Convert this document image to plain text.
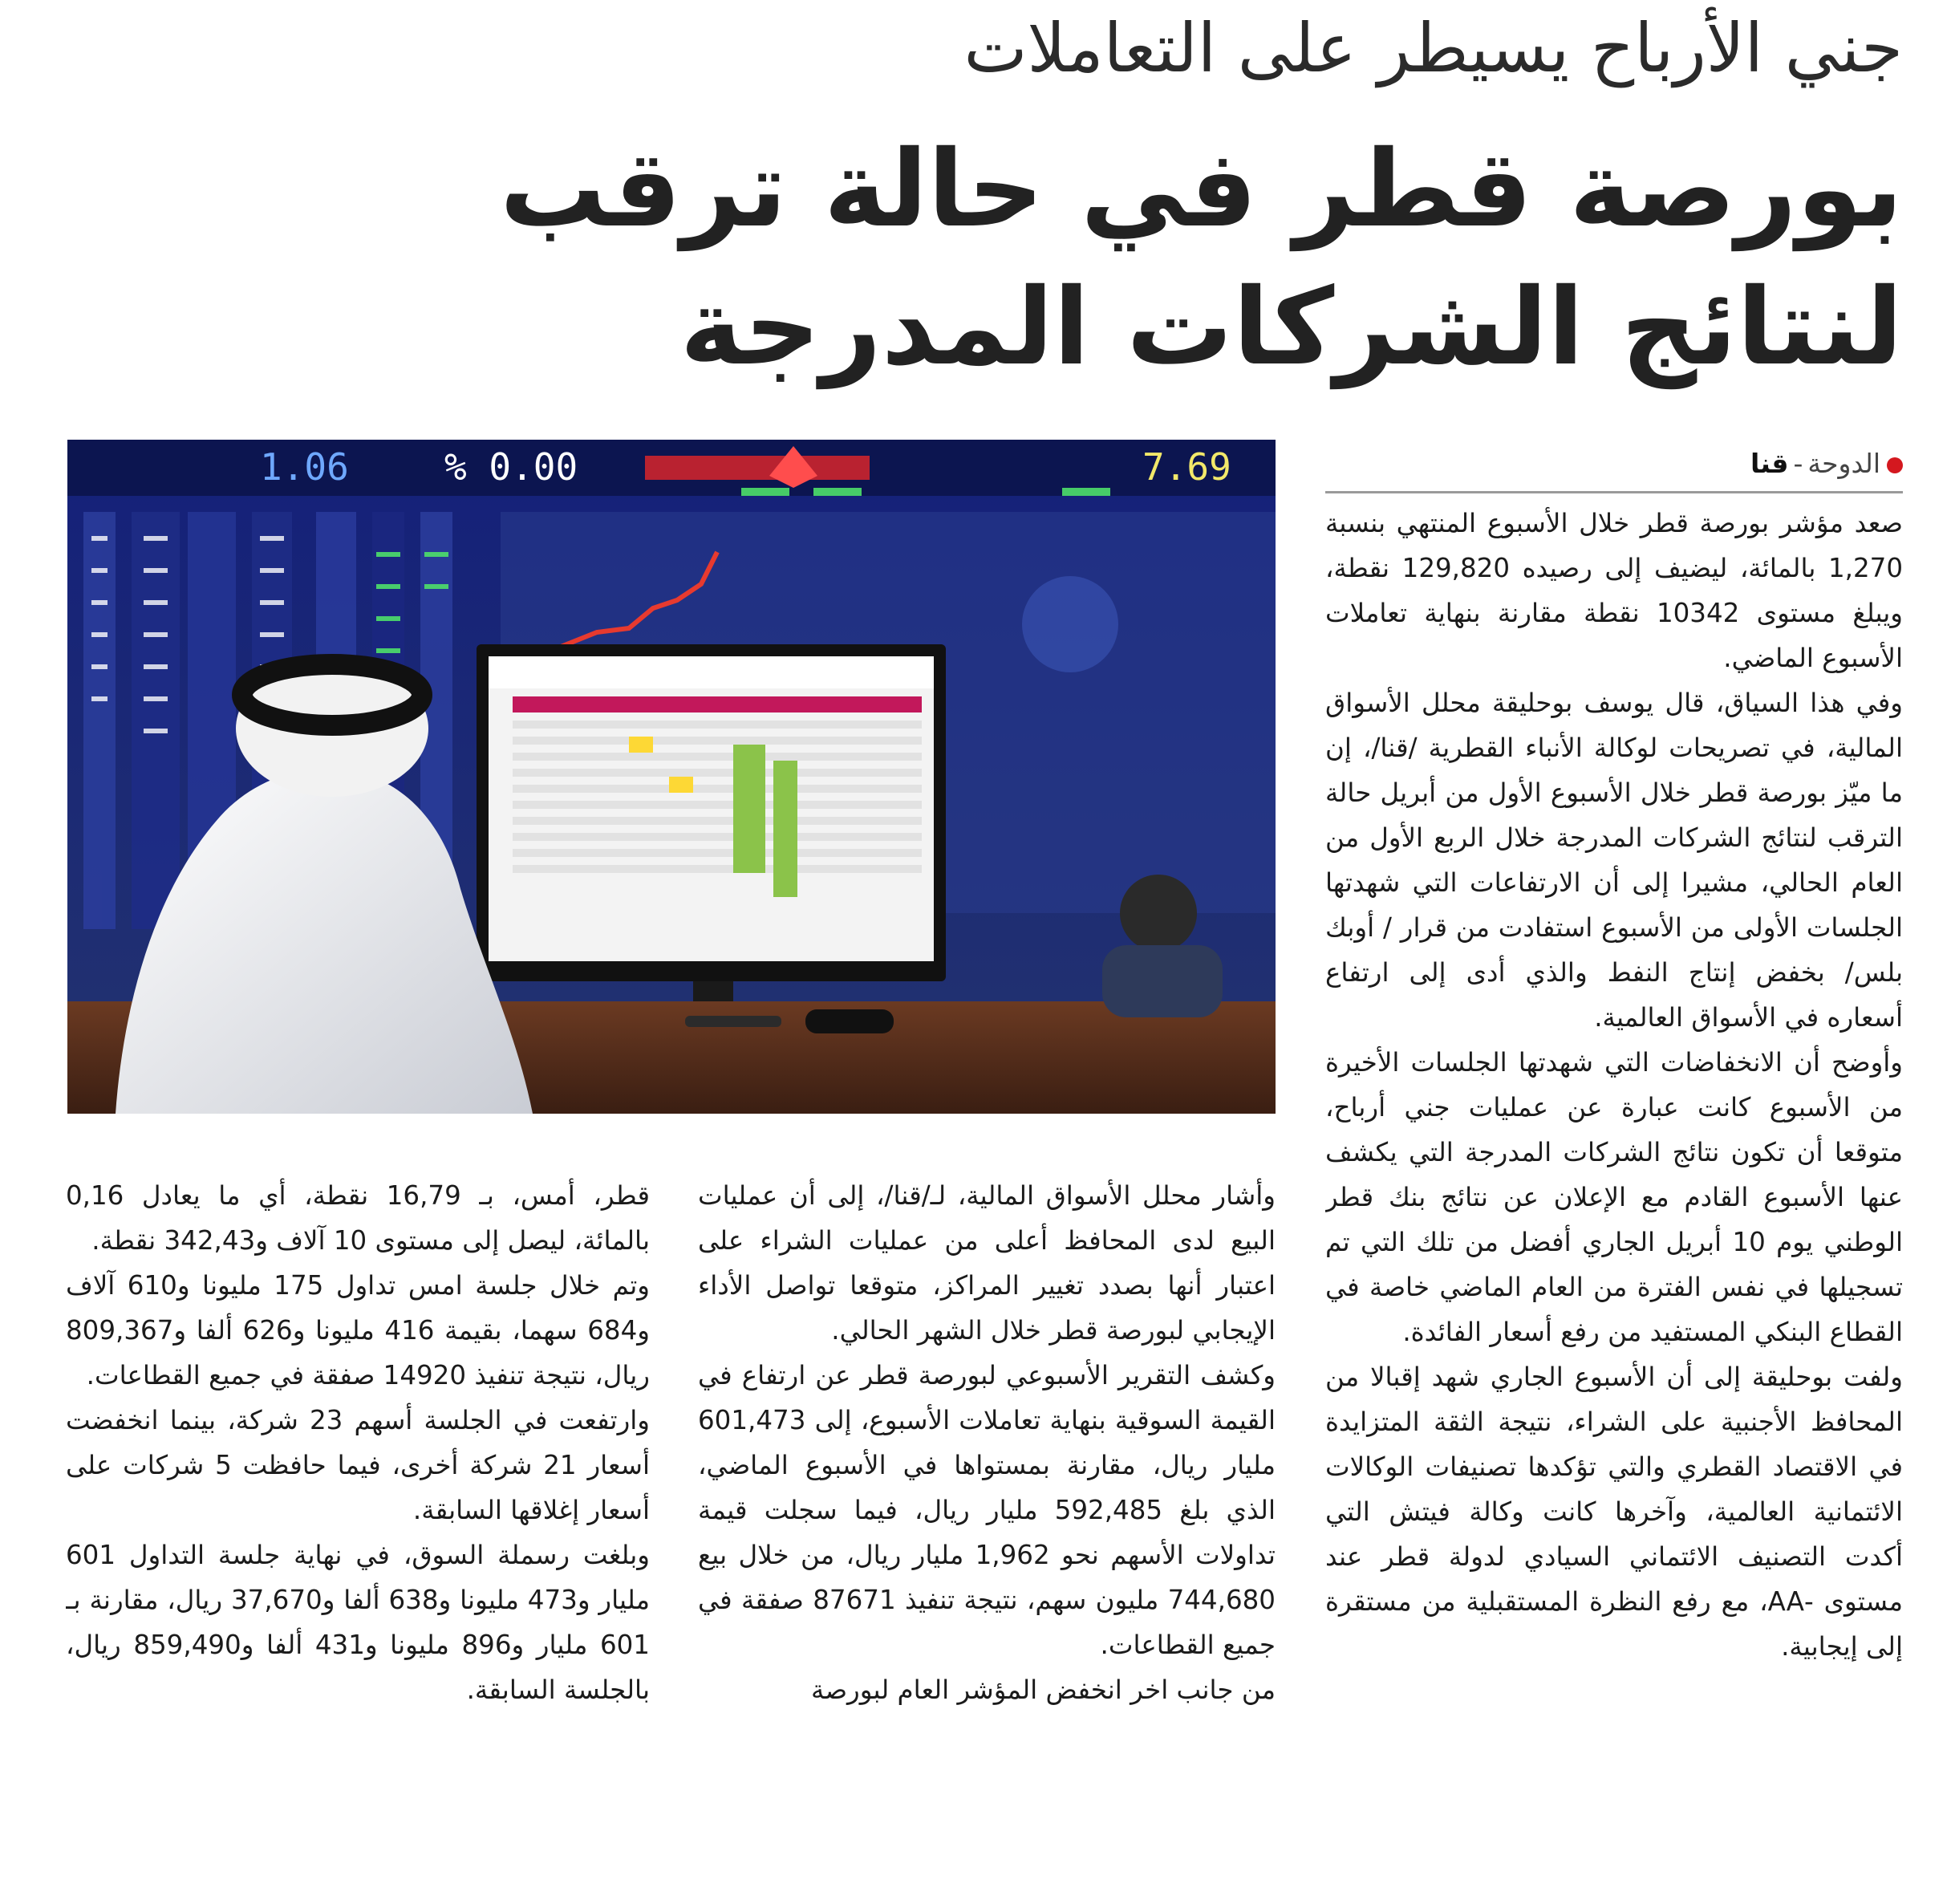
جني الأرباح يسيطر على التعاملات
بورصة قطر في حالة ترقب
لنتائج الشركات المدرجة
الدوحة-قنا
1.06	% 0.00	7.69

صعد مؤشر بورصة قطر خلال الأسبوع المنتهي بنسبة 1,270 بالمائة، ليضيف إلى رصيده 129,820 نقطة، ويبلغ مستوى 10342 نقطة مقارنة بنهاية تعاملات الأسبوع الماضي.

وفي هذا السياق، قال يوسف بوحليقة محلل الأسواق المالية، في تصريحات لوكالة الأنباء القطرية /قنا/، إن ما ميّز بورصة قطر خلال الأسبوع الأول من أبريل حالة الترقب لنتائج الشركات المدرجة خلال الربع الأول من العام الحالي، مشيرا إلى أن الارتفاعات التي شهدتها الجلسات الأولى من الأسبوع استفادت من قرار / أوبك بلس/ بخفض إنتاج النفط والذي أدى إلى ارتفاع أسعاره في الأسواق العالمية.

وأوضح أن الانخفاضات التي شهدتها الجلسات الأخيرة من الأسبوع كانت عبارة عن عمليات جني أرباح، متوقعا أن تكون نتائج الشركات المدرجة التي يكشف عنها الأسبوع القادم مع الإعلان عن نتائج بنك قطر الوطني يوم 10 أبريل الجاري أفضل من تلك التي تم تسجيلها في نفس الفترة من العام الماضي خاصة في القطاع البنكي المستفيد من رفع أسعار الفائدة.

ولفت بوحليقة إلى أن الأسبوع الجاري شهد إقبالا من المحافظ الأجنبية على الشراء، نتيجة الثقة المتزايدة في الاقتصاد القطري والتي تؤكدها تصنيفات الوكالات الائتمانية العالمية، وآخرها كانت وكالة فيتش التي أكدت التصنيف الائتماني السيادي لدولة قطر عند مستوى -AA، مع رفع النظرة المستقبلية من مستقرة إلى إيجابية.

وأشار محلل الأسواق المالية، لـ/قنا/، إلى أن عمليات البيع لدى المحافظ أعلى من عمليات الشراء على اعتبار أنها بصدد تغيير المراكز، متوقعا تواصل الأداء الإيجابي لبورصة قطر خلال الشهر الحالي.

وكشف التقرير الأسبوعي لبورصة قطر عن ارتفاع في القيمة السوقية بنهاية تعاملات الأسبوع، إلى 601,473 مليار ريال، مقارنة بمستواها في الأسبوع الماضي، الذي بلغ 592,485 مليار ريال، فيما سجلت قيمة تداولات الأسهم نحو 1,962 مليار ريال، من خلال بيع 744,680 مليون سهم، نتيجة تنفيذ 87671 صفقة في جميع القطاعات.

من جانب اخر انخفض المؤشر العام لبورصة

قطر، أمس، بـ 16,79 نقطة، أي ما يعادل 0,16 بالمائة، ليصل إلى مستوى 10 آلاف و342,43 نقطة.

وتم خلال جلسة امس تداول 175 مليونا و610 آلاف و684 سهما، بقيمة 416 مليونا و626 ألفا و809,367 ريال، نتيجة تنفيذ 14920 صفقة في جميع القطاعات.

وارتفعت في الجلسة أسهم 23 شركة، بينما انخفضت أسعار 21 شركة أخرى، فيما حافظت 5 شركات على أسعار إغلاقها السابقة.

وبلغت رسملة السوق، في نهاية جلسة التداول 601 مليار و473 مليونا و638 ألفا و37,670 ريال، مقارنة بـ 601 مليار و896 مليونا و431 ألفا و859,490 ريال، بالجلسة السابقة.
